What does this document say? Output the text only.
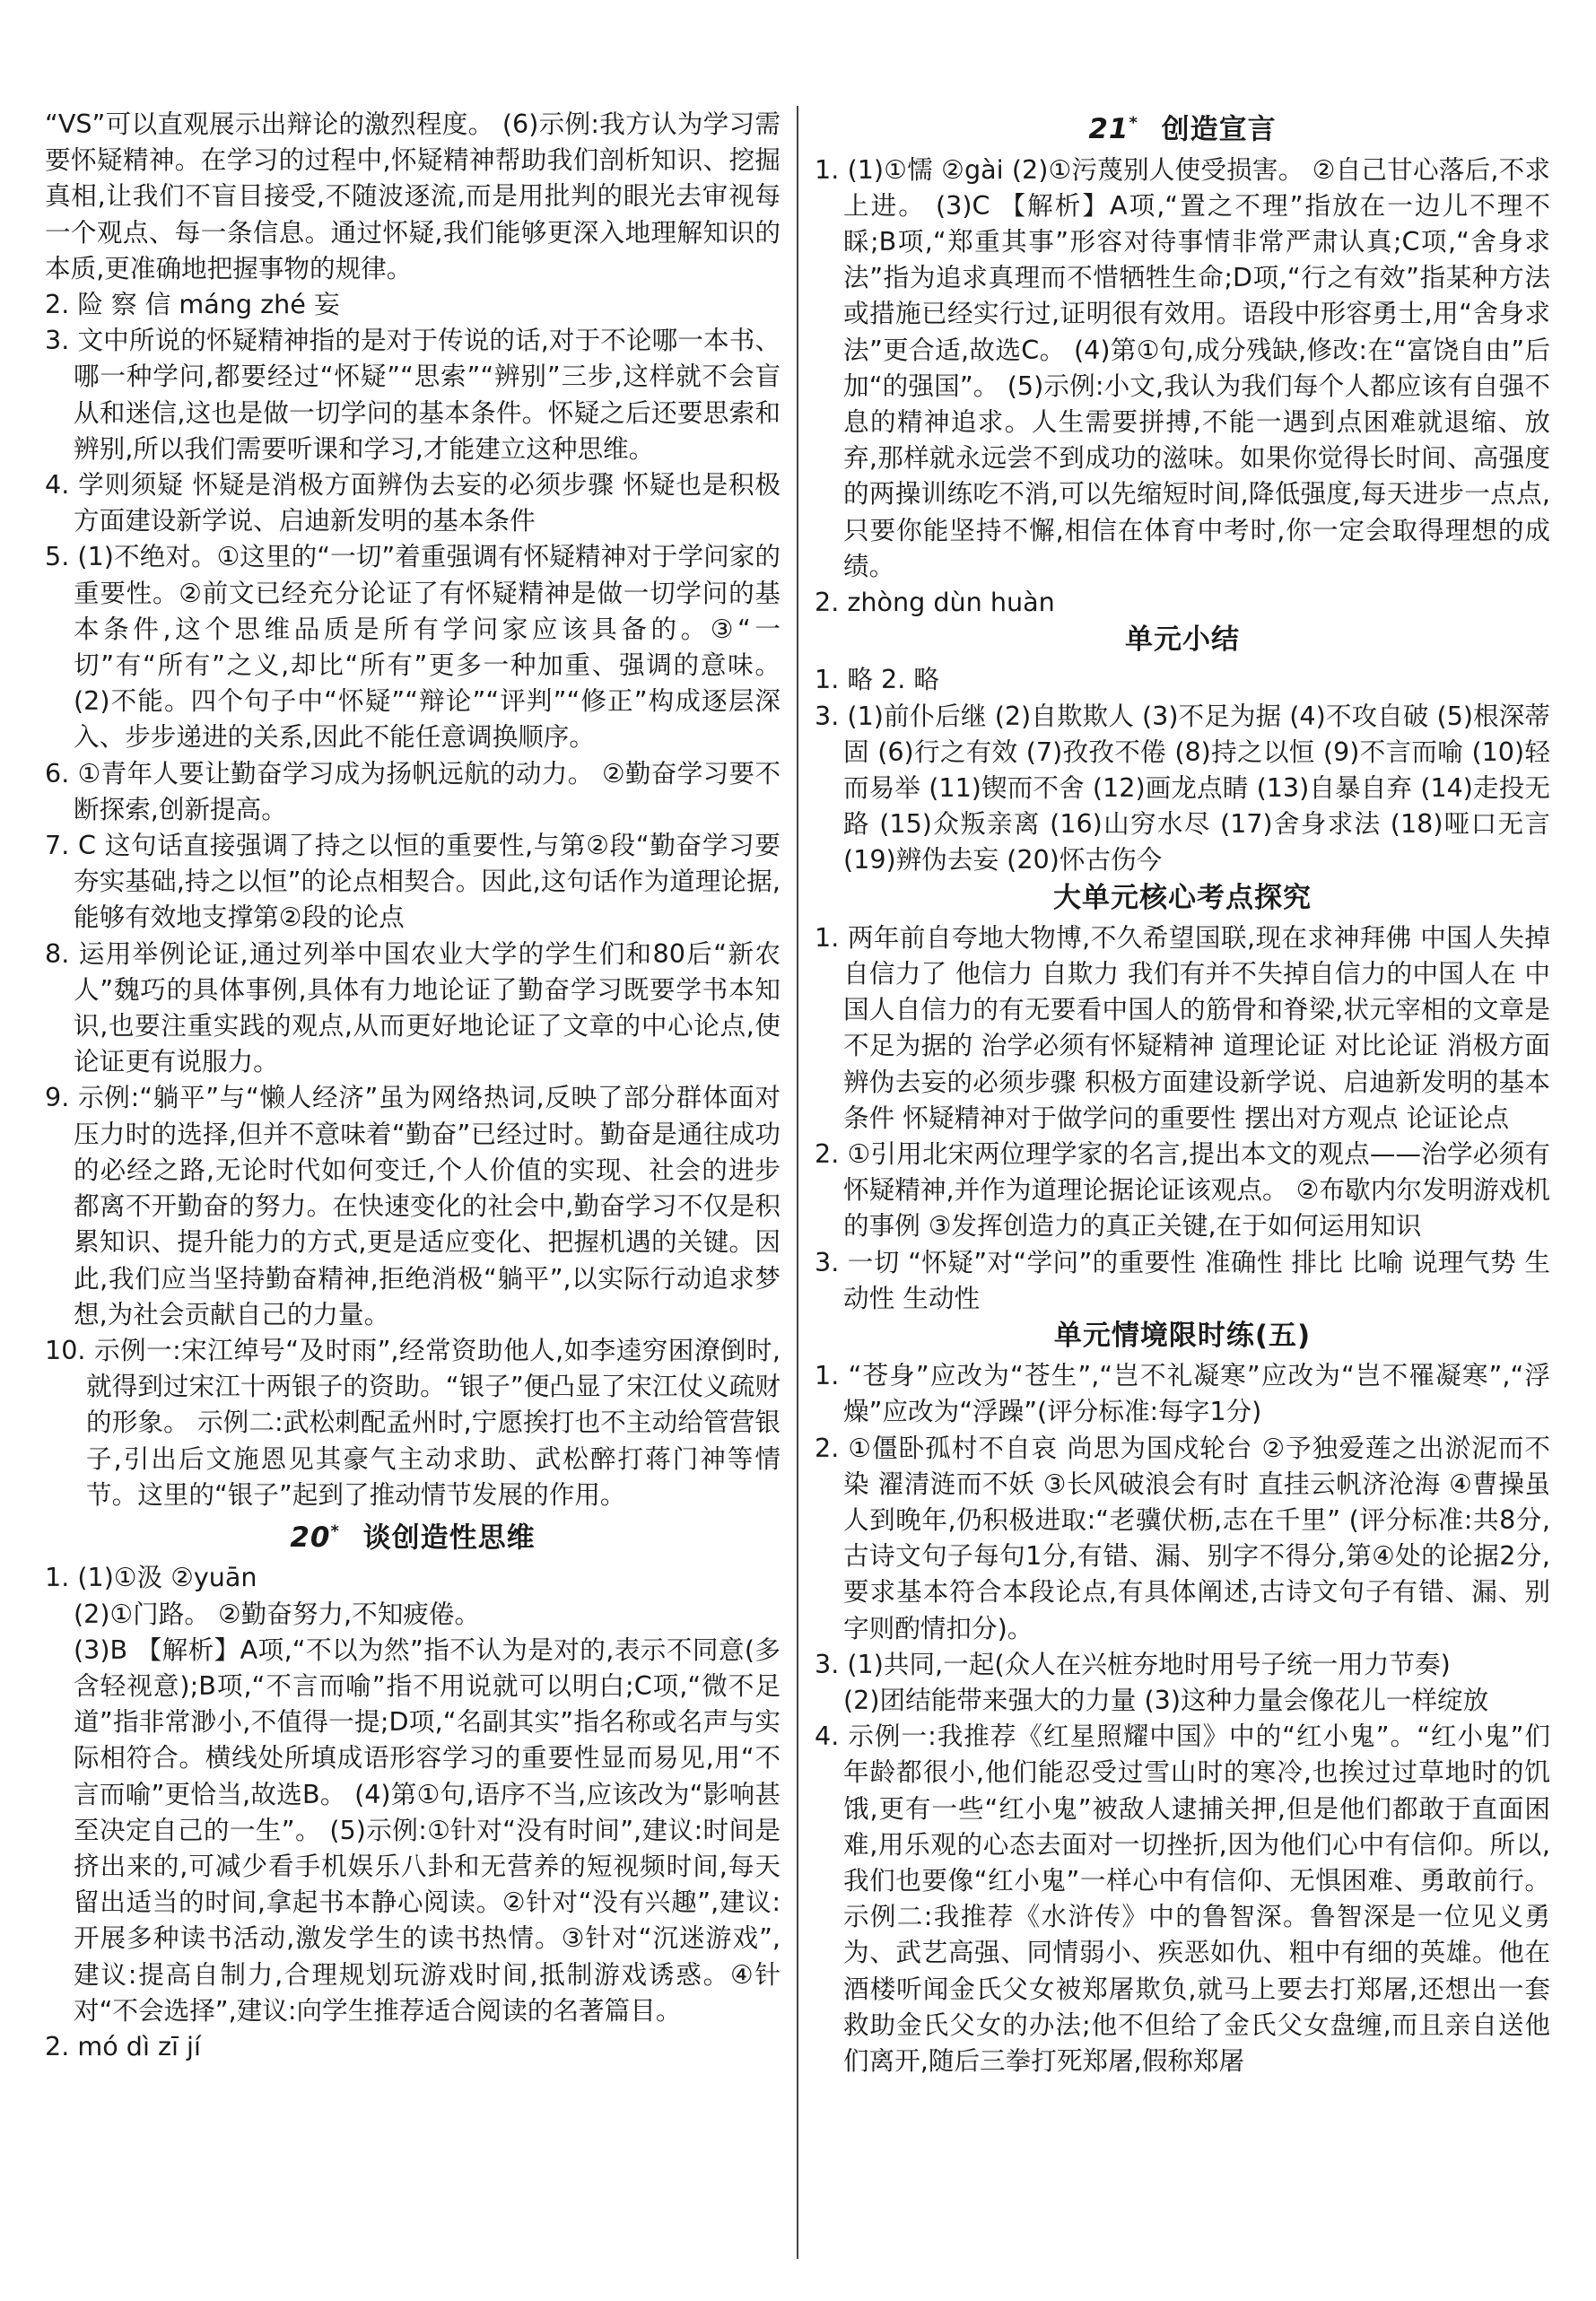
“VS”可以直观展示出辩论的激烈程度。 (6)示例:我方认为学习需要怀疑精神。在学习的过程中,怀疑精神帮助我们剖析知识、挖掘真相,让我们不盲目接受,不随波逐流,而是用批判的眼光去审视每一个观点、每一条信息。通过怀疑,我们能够更深入地理解知识的本质,更准确地把握事物的规律。

2. 险 察 信 máng zhé 妄

3. 文中所说的怀疑精神指的是对于传说的话,对于不论哪一本书、哪一种学问,都要经过“怀疑”“思索”“辨别”三步,这样就不会盲从和迷信,这也是做一切学问的基本条件。怀疑之后还要思索和辨别,所以我们需要听课和学习,才能建立这种思维。

4. 学则须疑 怀疑是消极方面辨伪去妄的必须步骤 怀疑也是积极方面建设新学说、启迪新发明的基本条件

5. (1)不绝对。①这里的“一切”着重强调有怀疑精神对于学问家的重要性。②前文已经充分论证了有怀疑精神是做一切学问的基本条件,这个思维品质是所有学问家应该具备的。③“一切”有“所有”之义,却比“所有”更多一种加重、强调的意味。 (2)不能。四个句子中“怀疑”“辩论”“评判”“修正”构成逐层深入、步步递进的关系,因此不能任意调换顺序。

6. ①青年人要让勤奋学习成为扬帆远航的动力。 ②勤奋学习要不断探索,创新提高。

7. C 这句话直接强调了持之以恒的重要性,与第②段“勤奋学习要夯实基础,持之以恒”的论点相契合。因此,这句话作为道理论据,能够有效地支撑第②段的论点

8. 运用举例论证,通过列举中国农业大学的学生们和80后“新农人”魏巧的具体事例,具体有力地论证了勤奋学习既要学书本知识,也要注重实践的观点,从而更好地论证了文章的中心论点,使论证更有说服力。

9. 示例:“躺平”与“懒人经济”虽为网络热词,反映了部分群体面对压力时的选择,但并不意味着“勤奋”已经过时。勤奋是通往成功的必经之路,无论时代如何变迁,个人价值的实现、社会的进步都离不开勤奋的努力。在快速变化的社会中,勤奋学习不仅是积累知识、提升能力的方式,更是适应变化、把握机遇的关键。因此,我们应当坚持勤奋精神,拒绝消极“躺平”,以实际行动追求梦想,为社会贡献自己的力量。

10. 示例一:宋江绰号“及时雨”,经常资助他人,如李逵穷困潦倒时,就得到过宋江十两银子的资助。“银子”便凸显了宋江仗义疏财的形象。 示例二:武松刺配孟州时,宁愿挨打也不主动给管营银子,引出后文施恩见其豪气主动求助、武松醉打蒋门神等情节。这里的“银子”起到了推动情节发展的作用。

20* 谈创造性思维

1. (1)①汲 ②yuān

(2)①门路。 ②勤奋努力,不知疲倦。

(3)B 【解析】A项,“不以为然”指不认为是对的,表示不同意(多含轻视意);B项,“不言而喻”指不用说就可以明白;C项,“微不足道”指非常渺小,不值得一提;D项,“名副其实”指名称或名声与实际相符合。横线处所填成语形容学习的重要性显而易见,用“不言而喻”更恰当,故选B。 (4)第①句,语序不当,应该改为“影响甚至决定自己的一生”。 (5)示例:①针对“没有时间”,建议:时间是挤出来的,可减少看手机娱乐八卦和无营养的短视频时间,每天留出适当的时间,拿起书本静心阅读。②针对“没有兴趣”,建议:开展多种读书活动,激发学生的读书热情。③针对“沉迷游戏”,建议:提高自制力,合理规划玩游戏时间,抵制游戏诱惑。④针对“不会选择”,建议:向学生推荐适合阅读的名著篇目。

2. mó dì zī jí

21* 创造宣言

1. (1)①懦 ②gài (2)①污蔑别人使受损害。 ②自己甘心落后,不求上进。 (3)C 【解析】A项,“置之不理”指放在一边儿不理不睬;B项,“郑重其事”形容对待事情非常严肃认真;C项,“舍身求法”指为追求真理而不惜牺牲生命;D项,“行之有效”指某种方法或措施已经实行过,证明很有效用。语段中形容勇士,用“舍身求法”更合适,故选C。 (4)第①句,成分残缺,修改:在“富饶自由”后加“的强国”。 (5)示例:小文,我认为我们每个人都应该有自强不息的精神追求。人生需要拼搏,不能一遇到点困难就退缩、放弃,那样就永远尝不到成功的滋味。如果你觉得长时间、高强度的两操训练吃不消,可以先缩短时间,降低强度,每天进步一点点,只要你能坚持不懈,相信在体育中考时,你一定会取得理想的成绩。

2. zhòng dùn huàn

单元小结

1. 略 2. 略

3. (1)前仆后继 (2)自欺欺人 (3)不足为据 (4)不攻自破 (5)根深蒂固 (6)行之有效 (7)孜孜不倦 (8)持之以恒 (9)不言而喻 (10)轻而易举 (11)锲而不舍 (12)画龙点睛 (13)自暴自弃 (14)走投无路 (15)众叛亲离 (16)山穷水尽 (17)舍身求法 (18)哑口无言 (19)辨伪去妄 (20)怀古伤今

大单元核心考点探究

1. 两年前自夸地大物博,不久希望国联,现在求神拜佛 中国人失掉自信力了 他信力 自欺力 我们有并不失掉自信力的中国人在 中国人自信力的有无要看中国人的筋骨和脊梁,状元宰相的文章是不足为据的 治学必须有怀疑精神 道理论证 对比论证 消极方面辨伪去妄的必须步骤 积极方面建设新学说、启迪新发明的基本条件 怀疑精神对于做学问的重要性 摆出对方观点 论证论点

2. ①引用北宋两位理学家的名言,提出本文的观点——治学必须有怀疑精神,并作为道理论据论证该观点。 ②布歇内尔发明游戏机的事例 ③发挥创造力的真正关键,在于如何运用知识

3. 一切 “怀疑”对“学问”的重要性 准确性 排比 比喻 说理气势 生动性 生动性

单元情境限时练(五)

1. “苍身”应改为“苍生”,“岂不礼凝寒”应改为“岂不罹凝寒”,“浮燥”应改为“浮躁”(评分标准:每字1分)

2. ①僵卧孤村不自哀 尚思为国戍轮台 ②予独爱莲之出淤泥而不染 濯清涟而不妖 ③长风破浪会有时 直挂云帆济沧海 ④曹操虽人到晚年,仍积极进取:“老骥伏枥,志在千里” (评分标准:共8分,古诗文句子每句1分,有错、漏、别字不得分,第④处的论据2分,要求基本符合本段论点,有具体阐述,古诗文句子有错、漏、别字则酌情扣分)。

3. (1)共同,一起(众人在兴桩夯地时用号子统一用力节奏)

(2)团结能带来强大的力量 (3)这种力量会像花儿一样绽放

4. 示例一:我推荐《红星照耀中国》中的“红小鬼”。“红小鬼”们年龄都很小,他们能忍受过雪山时的寒冷,也挨过过草地时的饥饿,更有一些“红小鬼”被敌人逮捕关押,但是他们都敢于直面困难,用乐观的心态去面对一切挫折,因为他们心中有信仰。所以,我们也要像“红小鬼”一样心中有信仰、无惧困难、勇敢前行。 示例二:我推荐《水浒传》中的鲁智深。鲁智深是一位见义勇为、武艺高强、同情弱小、疾恶如仇、粗中有细的英雄。他在酒楼听闻金氏父女被郑屠欺负,就马上要去打郑屠,还想出一套救助金氏父女的办法;他不但给了金氏父女盘缠,而且亲自送他们离开,随后三拳打死郑屠,假称郑屠
